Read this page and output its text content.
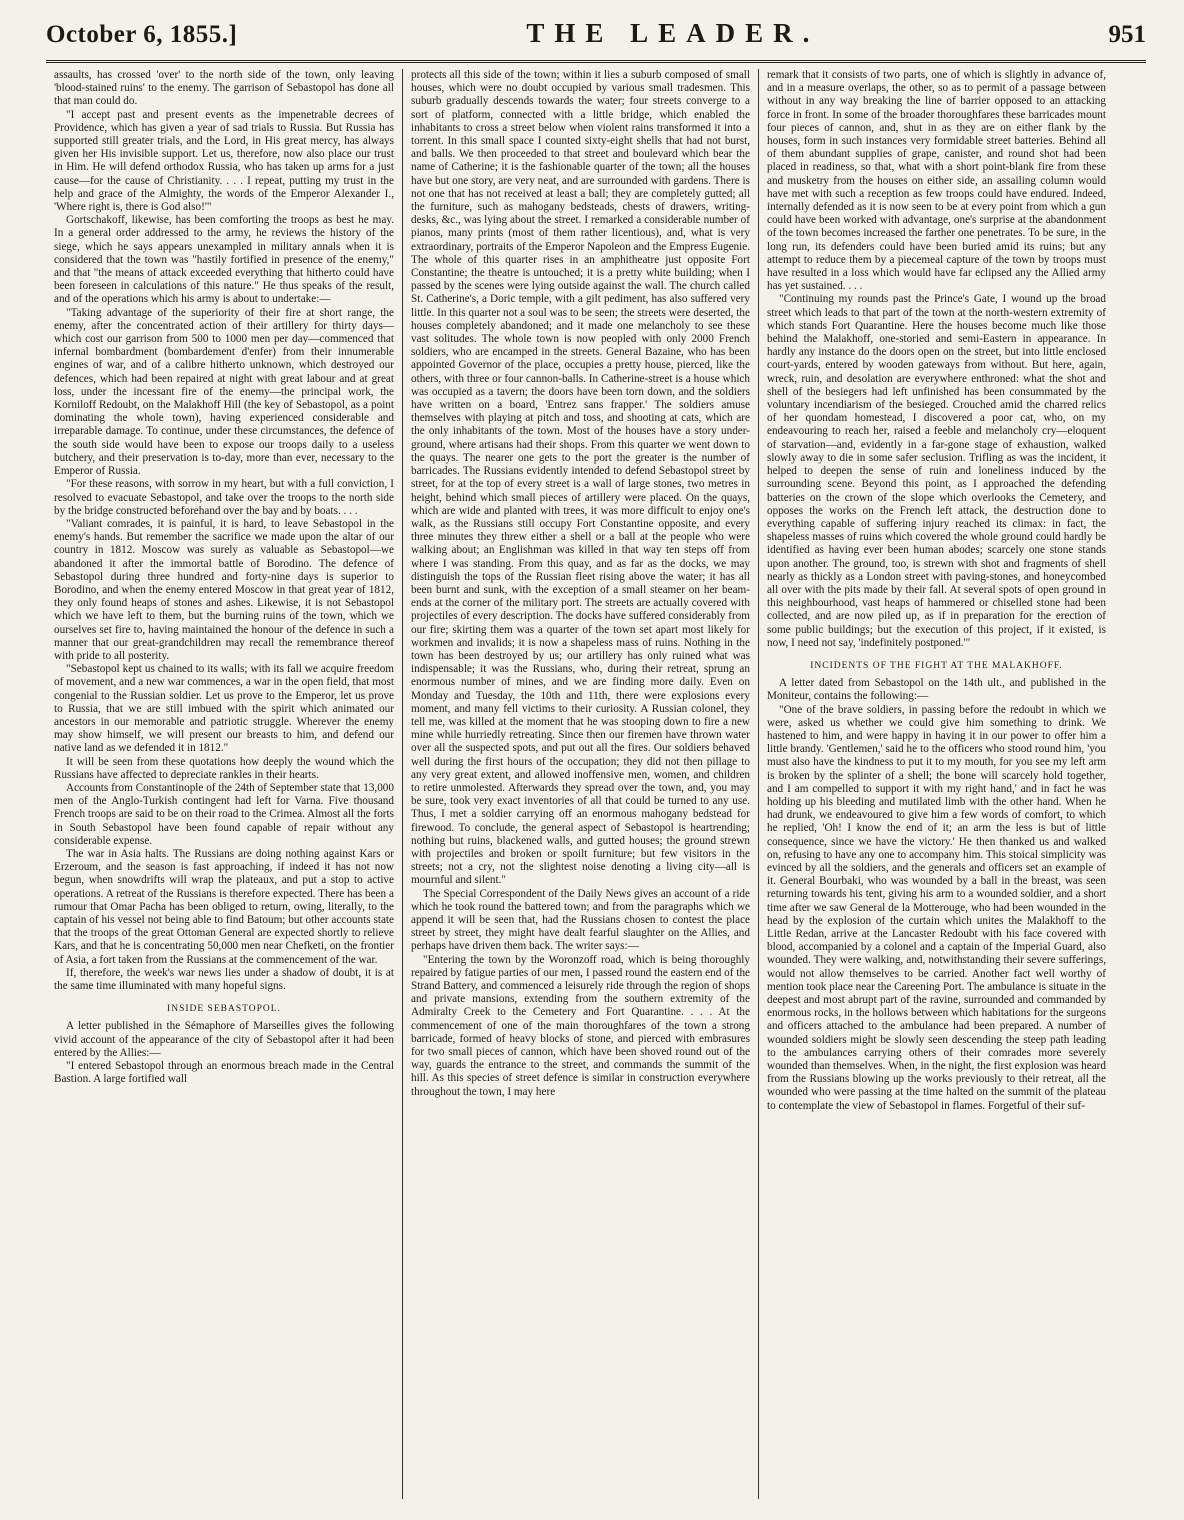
October 6, 1855.]	THE LEADER.	951

assaults, has crossed 'over' to the north side of the town, only leaving 'blood-stained ruins' to the enemy. The garrison of Sebastopol has done all that man could do.

"I accept past and present events as the impenetrable decrees of Providence, which has given a year of sad trials to Russia. But Russia has supported still greater trials, and the Lord, in His great mercy, has always given her His invisible support. Let us, therefore, now also place our trust in Him. He will defend orthodox Russia, who has taken up arms for a just cause—for the cause of Christianity. . . . I repeat, putting my trust in the help and grace of the Almighty, the words of the Emperor Alexander I., 'Where right is, there is God also!'"

Gortschakoff, likewise, has been comforting the troops as best he may. In a general order addressed to the army, he reviews the history of the siege, which he says appears unexampled in military annals when it is considered that the town was "hastily fortified in presence of the enemy," and that "the means of attack exceeded everything that hitherto could have been foreseen in calculations of this nature." He thus speaks of the result, and of the operations which his army is about to undertake:—

"Taking advantage of the superiority of their fire at short range, the enemy, after the concentrated action of their artillery for thirty days—which cost our garrison from 500 to 1000 men per day—commenced that infernal bombardment (bombardement d'enfer) from their innumerable engines of war, and of a calibre hitherto unknown, which destroyed our defences, which had been repaired at night with great labour and at great loss, under the incessant fire of the enemy—the principal work, the Korniloff Redoubt, on the Malakhoff Hill (the key of Sebastopol, as a point dominating the whole town), having experienced considerable and irreparable damage. To continue, under these circumstances, the defence of the south side would have been to expose our troops daily to a useless butchery, and their preservation is to-day, more than ever, necessary to the Emperor of Russia.

"For these reasons, with sorrow in my heart, but with a full conviction, I resolved to evacuate Sebastopol, and take over the troops to the north side by the bridge constructed beforehand over the bay and by boats. . . .

"Valiant comrades, it is painful, it is hard, to leave Sebastopol in the enemy's hands. But remember the sacrifice we made upon the altar of our country in 1812. Moscow was surely as valuable as Sebastopol—we abandoned it after the immortal battle of Borodino. The defence of Sebastopol during three hundred and forty-nine days is superior to Borodino, and when the enemy entered Moscow in that great year of 1812, they only found heaps of stones and ashes. Likewise, it is not Sebastopol which we have left to them, but the burning ruins of the town, which we ourselves set fire to, having maintained the honour of the defence in such a manner that our great-grandchildren may recall the remembrance thereof with pride to all posterity.

"Sebastopol kept us chained to its walls; with its fall we acquire freedom of movement, and a new war commences, a war in the open field, that most congenial to the Russian soldier. Let us prove to the Emperor, let us prove to Russia, that we are still imbued with the spirit which animated our ancestors in our memorable and patriotic struggle. Wherever the enemy may show himself, we will present our breasts to him, and defend our native land as we defended it in 1812."

It will be seen from these quotations how deeply the wound which the Russians have affected to depreciate rankles in their hearts.

Accounts from Constantinople of the 24th of September state that 13,000 men of the Anglo-Turkish contingent had left for Varna. Five thousand French troops are said to be on their road to the Crimea. Almost all the forts in South Sebastopol have been found capable of repair without any considerable expense.

The war in Asia halts. The Russians are doing nothing against Kars or Erzeroum, and the season is fast approaching, if indeed it has not now begun, when snowdrifts will wrap the plateaux, and put a stop to active operations. A retreat of the Russians is therefore expected. There has been a rumour that Omar Pacha has been obliged to return, owing, literally, to the captain of his vessel not being able to find Batoum; but other accounts state that the troops of the great Ottoman General are expected shortly to relieve Kars, and that he is concentrating 50,000 men near Chefketi, on the frontier of Asia, a fort taken from the Russians at the commencement of the war.

If, therefore, the week's war news lies under a shadow of doubt, it is at the same time illuminated with many hopeful signs.

INSIDE SEBASTOPOL.

A letter published in the Sémaphore of Marseilles gives the following vivid account of the appearance of the city of Sebastopol after it had been entered by the Allies:—

"I entered Sebastopol through an enormous breach made in the Central Bastion. A large fortified wall

protects all this side of the town; within it lies a suburb composed of small houses, which were no doubt occupied by various small tradesmen. This suburb gradually descends towards the water; four streets converge to a sort of platform, connected with a little bridge, which enabled the inhabitants to cross a street below when violent rains transformed it into a torrent. In this small space I counted sixty-eight shells that had not burst, and balls. We then proceeded to that street and boulevard which bear the name of Catherine; it is the fashionable quarter of the town; all the houses have but one story, are very neat, and are surrounded with gardens. There is not one that has not received at least a ball; they are completely gutted; all the furniture, such as mahogany bedsteads, chests of drawers, writing-desks, &c., was lying about the street. I remarked a considerable number of pianos, many prints (most of them rather licentious), and, what is very extraordinary, portraits of the Emperor Napoleon and the Empress Eugenie. The whole of this quarter rises in an amphitheatre just opposite Fort Constantine; the theatre is untouched; it is a pretty white building; when I passed by the scenes were lying outside against the wall. The church called St. Catherine's, a Doric temple, with a gilt pediment, has also suffered very little. In this quarter not a soul was to be seen; the streets were deserted, the houses completely abandoned; and it made one melancholy to see these vast solitudes. The whole town is now peopled with only 2000 French soldiers, who are encamped in the streets. General Bazaine, who has been appointed Governor of the place, occupies a pretty house, pierced, like the others, with three or four cannon-balls. In Catherine-street is a house which was occupied as a tavern; the doors have been torn down, and the soldiers have written on a board, 'Entrez sans frapper.' The soldiers amuse themselves with playing at pitch and toss, and shooting at cats, which are the only inhabitants of the town. Most of the houses have a story under-ground, where artisans had their shops. From this quarter we went down to the quays. The nearer one gets to the port the greater is the number of barricades. The Russians evidently intended to defend Sebastopol street by street, for at the top of every street is a wall of large stones, two metres in height, behind which small pieces of artillery were placed. On the quays, which are wide and planted with trees, it was more difficult to enjoy one's walk, as the Russians still occupy Fort Constantine opposite, and every three minutes they threw either a shell or a ball at the people who were walking about; an Englishman was killed in that way ten steps off from where I was standing. From this quay, and as far as the docks, we may distinguish the tops of the Russian fleet rising above the water; it has all been burnt and sunk, with the exception of a small steamer on her beam-ends at the corner of the military port. The streets are actually covered with projectiles of every description. The docks have suffered considerably from our fire; skirting them was a quarter of the town set apart most likely for workmen and invalids; it is now a shapeless mass of ruins. Nothing in the town has been destroyed by us; our artillery has only ruined what was indispensable; it was the Russians, who, during their retreat, sprung an enormous number of mines, and we are finding more daily. Even on Monday and Tuesday, the 10th and 11th, there were explosions every moment, and many fell victims to their curiosity. A Russian colonel, they tell me, was killed at the moment that he was stooping down to fire a new mine while hurriedly retreating. Since then our firemen have thrown water over all the suspected spots, and put out all the fires. Our soldiers behaved well during the first hours of the occupation; they did not then pillage to any very great extent, and allowed inoffensive men, women, and children to retire unmolested. Afterwards they spread over the town, and, you may be sure, took very exact inventories of all that could be turned to any use. Thus, I met a soldier carrying off an enormous mahogany bedstead for firewood. To conclude, the general aspect of Sebastopol is heartrending; nothing but ruins, blackened walls, and gutted houses; the ground strewn with projectiles and broken or spoilt furniture; but few visitors in the streets; not a cry, not the slightest noise denoting a living city—all is mournful and silent."

The Special Correspondent of the Daily News gives an account of a ride which he took round the battered town; and from the paragraphs which we append it will be seen that, had the Russians chosen to contest the place street by street, they might have dealt fearful slaughter on the Allies, and perhaps have driven them back. The writer says:—

"Entering the town by the Woronzoff road, which is being thoroughly repaired by fatigue parties of our men, I passed round the eastern end of the Strand Battery, and commenced a leisurely ride through the region of shops and private mansions, extending from the southern extremity of the Admiralty Creek to the Cemetery and Fort Quarantine. . . . At the commencement of one of the main thoroughfares of the town a strong barricade, formed of heavy blocks of stone, and pierced with embrasures for two small pieces of cannon, which have been shoved round out of the way, guards the entrance to the street, and commands the summit of the hill. As this species of street defence is similar in construction everywhere throughout the town, I may here

remark that it consists of two parts, one of which is slightly in advance of, and in a measure overlaps, the other, so as to permit of a passage between without in any way breaking the line of barrier opposed to an attacking force in front. In some of the broader thoroughfares these barricades mount four pieces of cannon, and, shut in as they are on either flank by the houses, form in such instances very formidable street batteries. Behind all of them abundant supplies of grape, canister, and round shot had been placed in readiness, so that, what with a short point-blank fire from these and musketry from the houses on either side, an assailing column would have met with such a reception as few troops could have endured. Indeed, internally defended as it is now seen to be at every point from which a gun could have been worked with advantage, one's surprise at the abandonment of the town becomes increased the farther one penetrates. To be sure, in the long run, its defenders could have been buried amid its ruins; but any attempt to reduce them by a piecemeal capture of the town by troops must have resulted in a loss which would have far eclipsed any the Allied army has yet sustained. . . .

"Continuing my rounds past the Prince's Gate, I wound up the broad street which leads to that part of the town at the north-western extremity of which stands Fort Quarantine. Here the houses become much like those behind the Malakhoff, one-storied and semi-Eastern in appearance. In hardly any instance do the doors open on the street, but into little enclosed court-yards, entered by wooden gateways from without. But here, again, wreck, ruin, and desolation are everywhere enthroned: what the shot and shell of the besiegers had left unfinished has been consummated by the voluntary incendiarism of the besieged. Crouched amid the charred relics of her quondam homestead, I discovered a poor cat, who, on my endeavouring to reach her, raised a feeble and melancholy cry—eloquent of starvation—and, evidently in a far-gone stage of exhaustion, walked slowly away to die in some safer seclusion. Trifling as was the incident, it helped to deepen the sense of ruin and loneliness induced by the surrounding scene. Beyond this point, as I approached the defending batteries on the crown of the slope which overlooks the Cemetery, and opposes the works on the French left attack, the destruction done to everything capable of suffering injury reached its climax: in fact, the shapeless masses of ruins which covered the whole ground could hardly be identified as having ever been human abodes; scarcely one stone stands upon another. The ground, too, is strewn with shot and fragments of shell nearly as thickly as a London street with paving-stones, and honeycombed all over with the pits made by their fall. At several spots of open ground in this neighbourhood, vast heaps of hammered or chiselled stone had been collected, and are now piled up, as if in preparation for the erection of some public buildings; but the execution of this project, if it existed, is now, I need not say, 'indefinitely postponed.'"

INCIDENTS OF THE FIGHT AT THE MALAKHOFF.

A letter dated from Sebastopol on the 14th ult., and published in the Moniteur, contains the following:—

"One of the brave soldiers, in passing before the redoubt in which we were, asked us whether we could give him something to drink. We hastened to him, and were happy in having it in our power to offer him a little brandy. 'Gentlemen,' said he to the officers who stood round him, 'you must also have the kindness to put it to my mouth, for you see my left arm is broken by the splinter of a shell; the bone will scarcely hold together, and I am compelled to support it with my right hand,' and in fact he was holding up his bleeding and mutilated limb with the other hand. When he had drunk, we endeavoured to give him a few words of comfort, to which he replied, 'Oh! I know the end of it; an arm the less is but of little consequence, since we have the victory.' He then thanked us and walked on, refusing to have any one to accompany him. This stoical simplicity was evinced by all the soldiers, and the generals and officers set an example of it. General Bourbaki, who was wounded by a ball in the breast, was seen returning towards his tent, giving his arm to a wounded soldier, and a short time after we saw General de la Motterouge, who had been wounded in the head by the explosion of the curtain which unites the Malakhoff to the Little Redan, arrive at the Lancaster Redoubt with his face covered with blood, accompanied by a colonel and a captain of the Imperial Guard, also wounded. They were walking, and, notwithstanding their severe sufferings, would not allow themselves to be carried. Another fact well worthy of mention took place near the Careening Port. The ambulance is situate in the deepest and most abrupt part of the ravine, surrounded and commanded by enormous rocks, in the hollows between which habitations for the surgeons and officers attached to the ambulance had been prepared. A number of wounded soldiers might be slowly seen descending the steep path leading to the ambulances carrying others of their comrades more severely wounded than themselves. When, in the night, the first explosion was heard from the Russians blowing up the works previously to their retreat, all the wounded who were passing at the time halted on the summit of the plateau to contemplate the view of Sebastopol in flames. Forgetful of their suf-
